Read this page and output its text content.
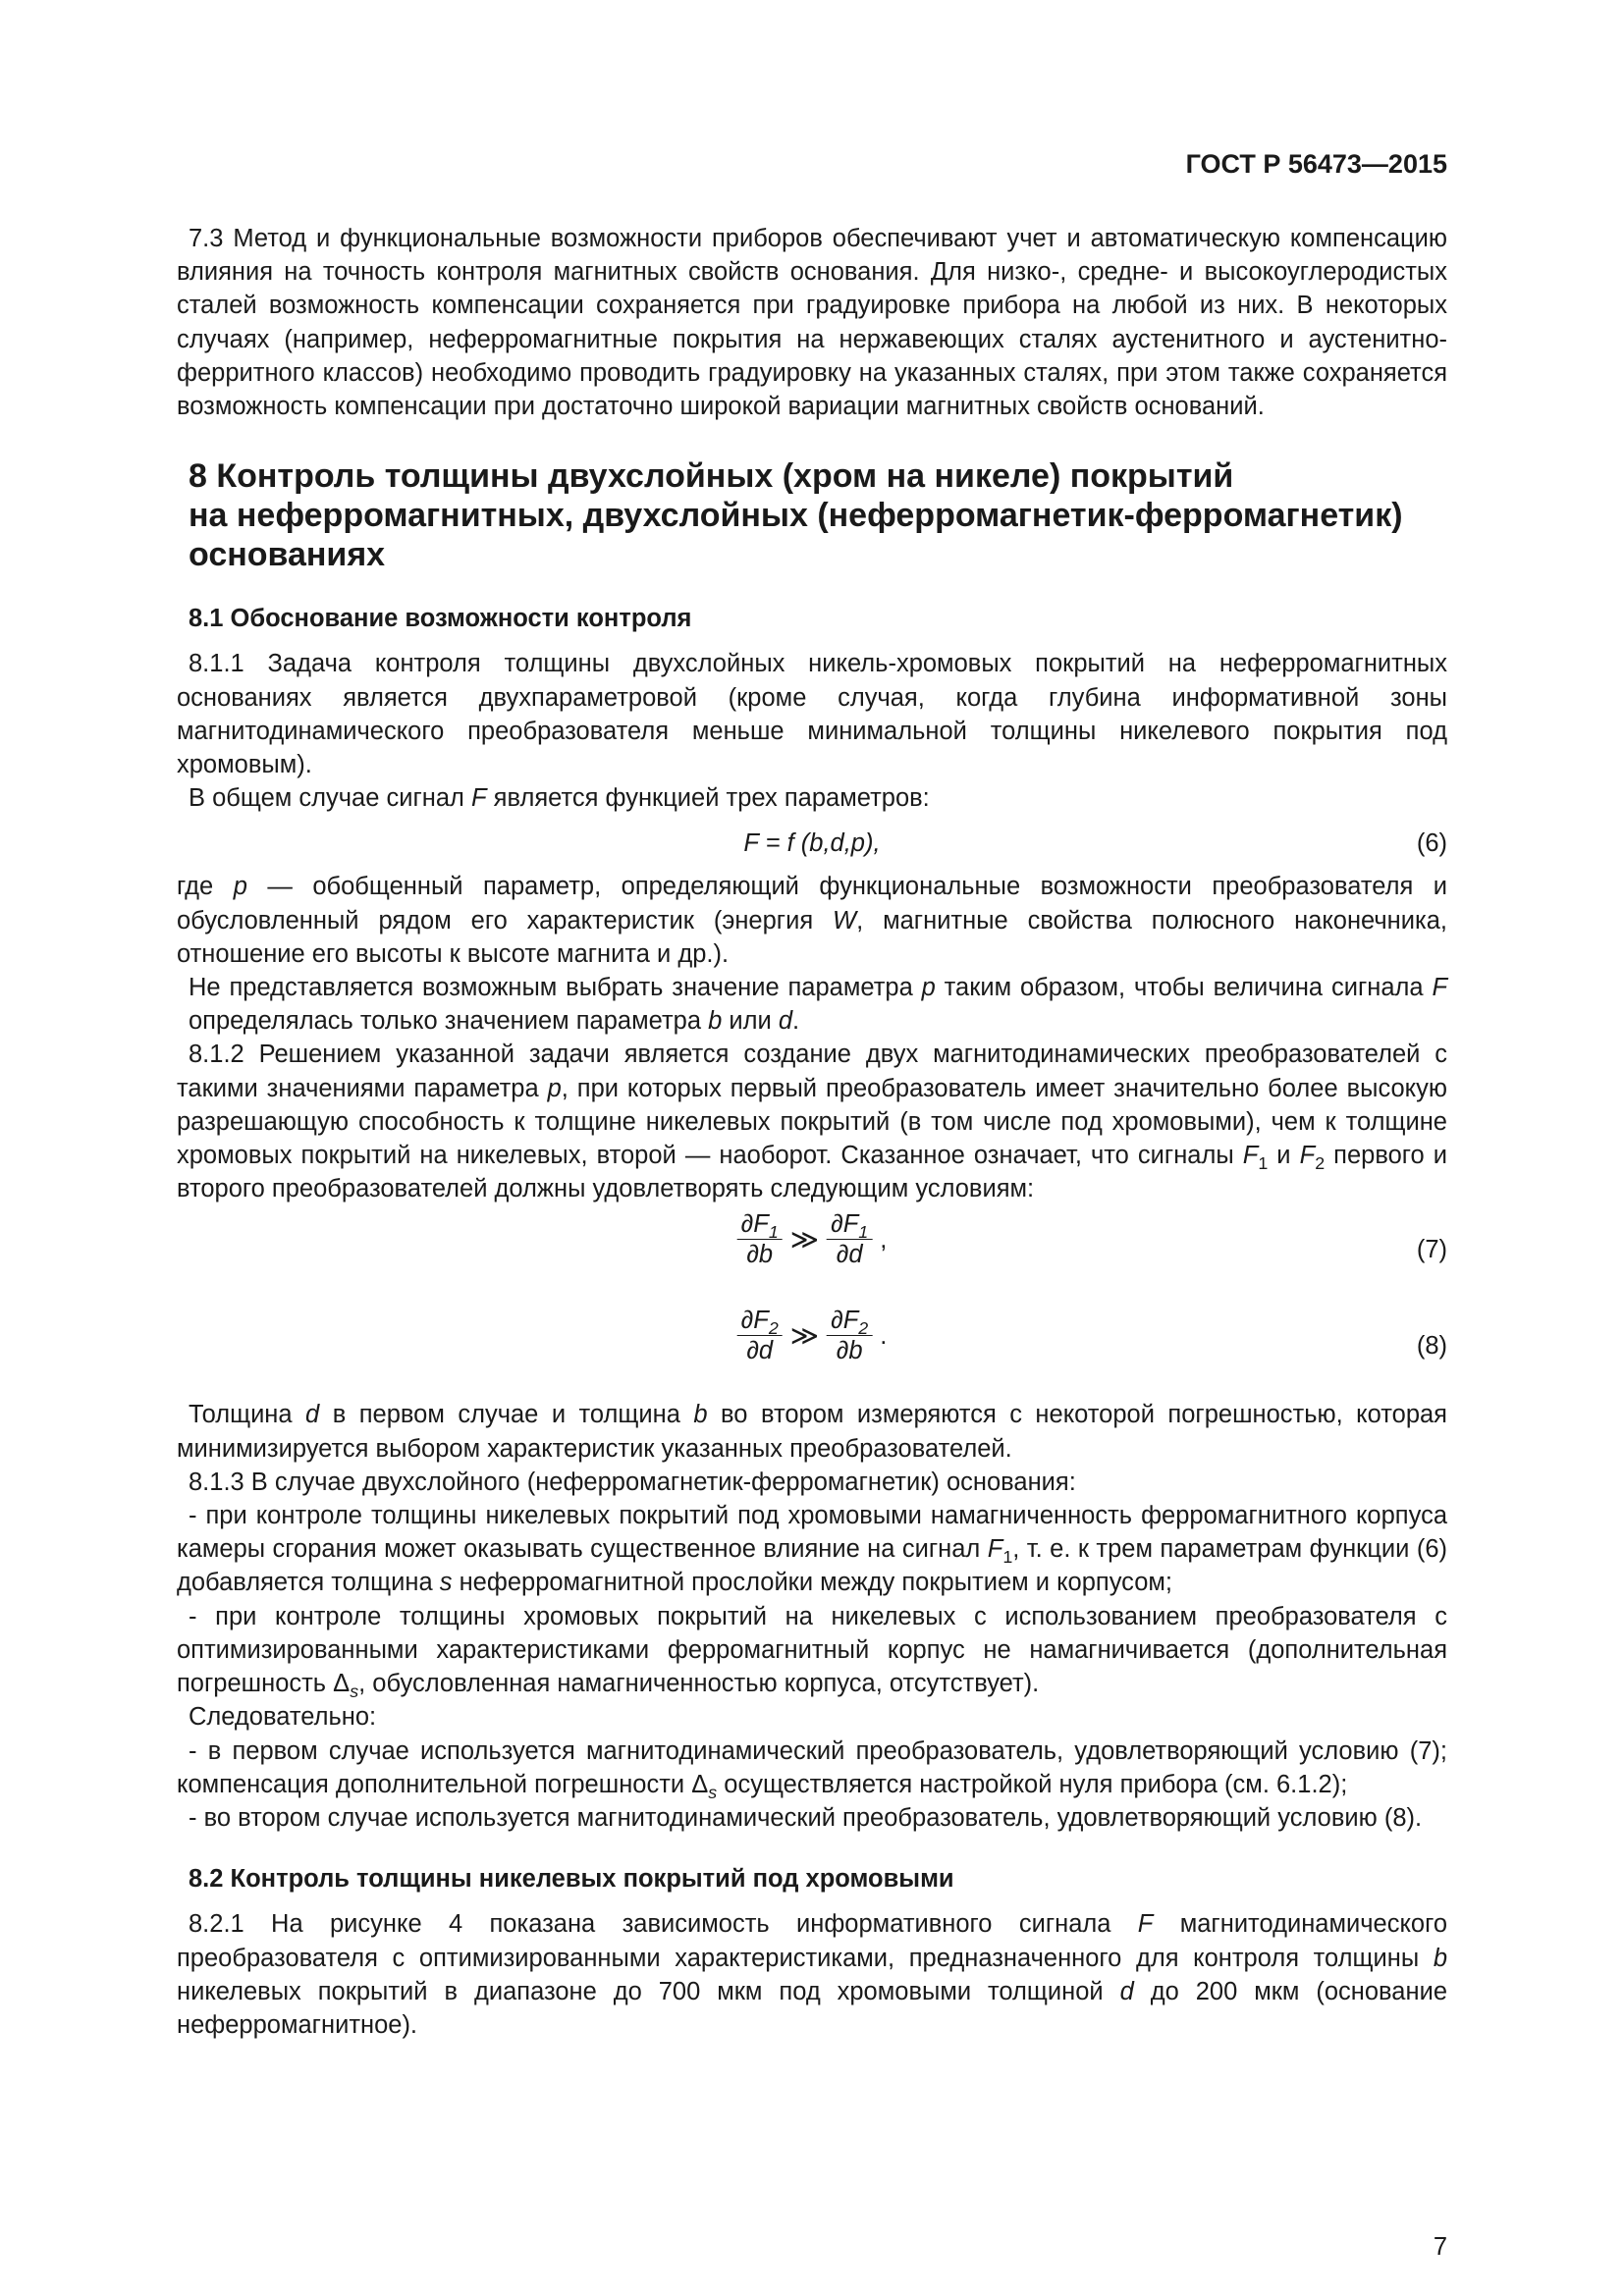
ГОСТ Р 56473—2015

7.3 Метод и функциональные возможности приборов обеспечивают учет и автоматическую компенсацию влияния на точность контроля магнитных свойств основания. Для низко-, средне- и высокоуглеродистых сталей возможность компенсации сохраняется при градуировке прибора на любой из них. В некоторых случаях (например, неферромагнитные покрытия на нержавеющих сталях аустенитного и аустенитно-ферритного классов) необходимо проводить градуировку на указанных сталях, при этом также сохраняется возможность компенсации при достаточно широкой вариации магнитных свойств оснований.

8 Контроль толщины двухслойных (хром на никеле) покрытий
на неферромагнитных, двухслойных (неферромагнетик-ферромагнетик)
основаниях
8.1 Обоснование возможности контроля

8.1.1 Задача контроля толщины двухслойных никель-хромовых покрытий на неферромагнитных основаниях является двухпараметровой (кроме случая, когда глубина информативной зоны магнитодинамического преобразователя меньше минимальной толщины никелевого покрытия под хромовым).

В общем случае сигнал F является функцией трех параметров:

F = f (b,d,p),	(6)
где p — обобщенный параметр, определяющий функциональные возможности преобразователя и обусловленный рядом его характеристик (энергия W, магнитные свойства полюсного наконечника, отношение его высоты к высоте магнита и др.).

Не представляется возможным выбрать значение параметра p таким образом, чтобы величина сигнала F определялась только значением параметра b или d.

8.1.2 Решением указанной задачи является создание двух магнитодинамических преобразователей с такими значениями параметра p, при которых первый преобразователь имеет значительно более высокую разрешающую способность к толщине никелевых покрытий (в том числе под хромовыми), чем к толщине хромовых покрытий на никелевых, второй — наоборот. Сказанное означает, что сигналы $F_1$ и $F_2$ первого и второго преобразователей должны удовлетворять следующим условиям:

$\frac{\partial F_1}{\partial b}$ ≫ $\frac{\partial F_1}{\partial d}$ ,	(7)
$\frac{\partial F_2}{\partial d}$ ≫ $\frac{\partial F_2}{\partial b}$ .	(8)

Толщина d в первом случае и толщина b во втором измеряются с некоторой погрешностью, которая минимизируется выбором характеристик указанных преобразователей.

8.1.3 В случае двухслойного (неферромагнетик-ферромагнетик) основания:

- при контроле толщины никелевых покрытий под хромовыми намагниченность ферромагнитного корпуса камеры сгорания может оказывать существенное влияние на сигнал $F_1$, т. е. к трем параметрам функции (6) добавляется толщина s неферромагнитной прослойки между покрытием и корпусом;

- при контроле толщины хромовых покрытий на никелевых с использованием преобразователя с оптимизированными характеристиками ферромагнитный корпус не намагничивается (дополнительная погрешность $\Delta_s$, обусловленная намагниченностью корпуса, отсутствует).

Следовательно:

- в первом случае используется магнитодинамический преобразователь, удовлетворяющий условию (7); компенсация дополнительной погрешности $\Delta_s$ осуществляется настройкой нуля прибора (см. 6.1.2);

- во втором случае используется магнитодинамический преобразователь, удовлетворяющий условию (8).

8.2 Контроль толщины никелевых покрытий под хромовыми

8.2.1 На рисунке 4 показана зависимость информативного сигнала F магнитодинамического преобразователя с оптимизированными характеристиками, предназначенного для контроля толщины b никелевых покрытий в диапазоне до 700 мкм под хромовыми толщиной d до 200 мкм (основание неферромагнитное).

7
